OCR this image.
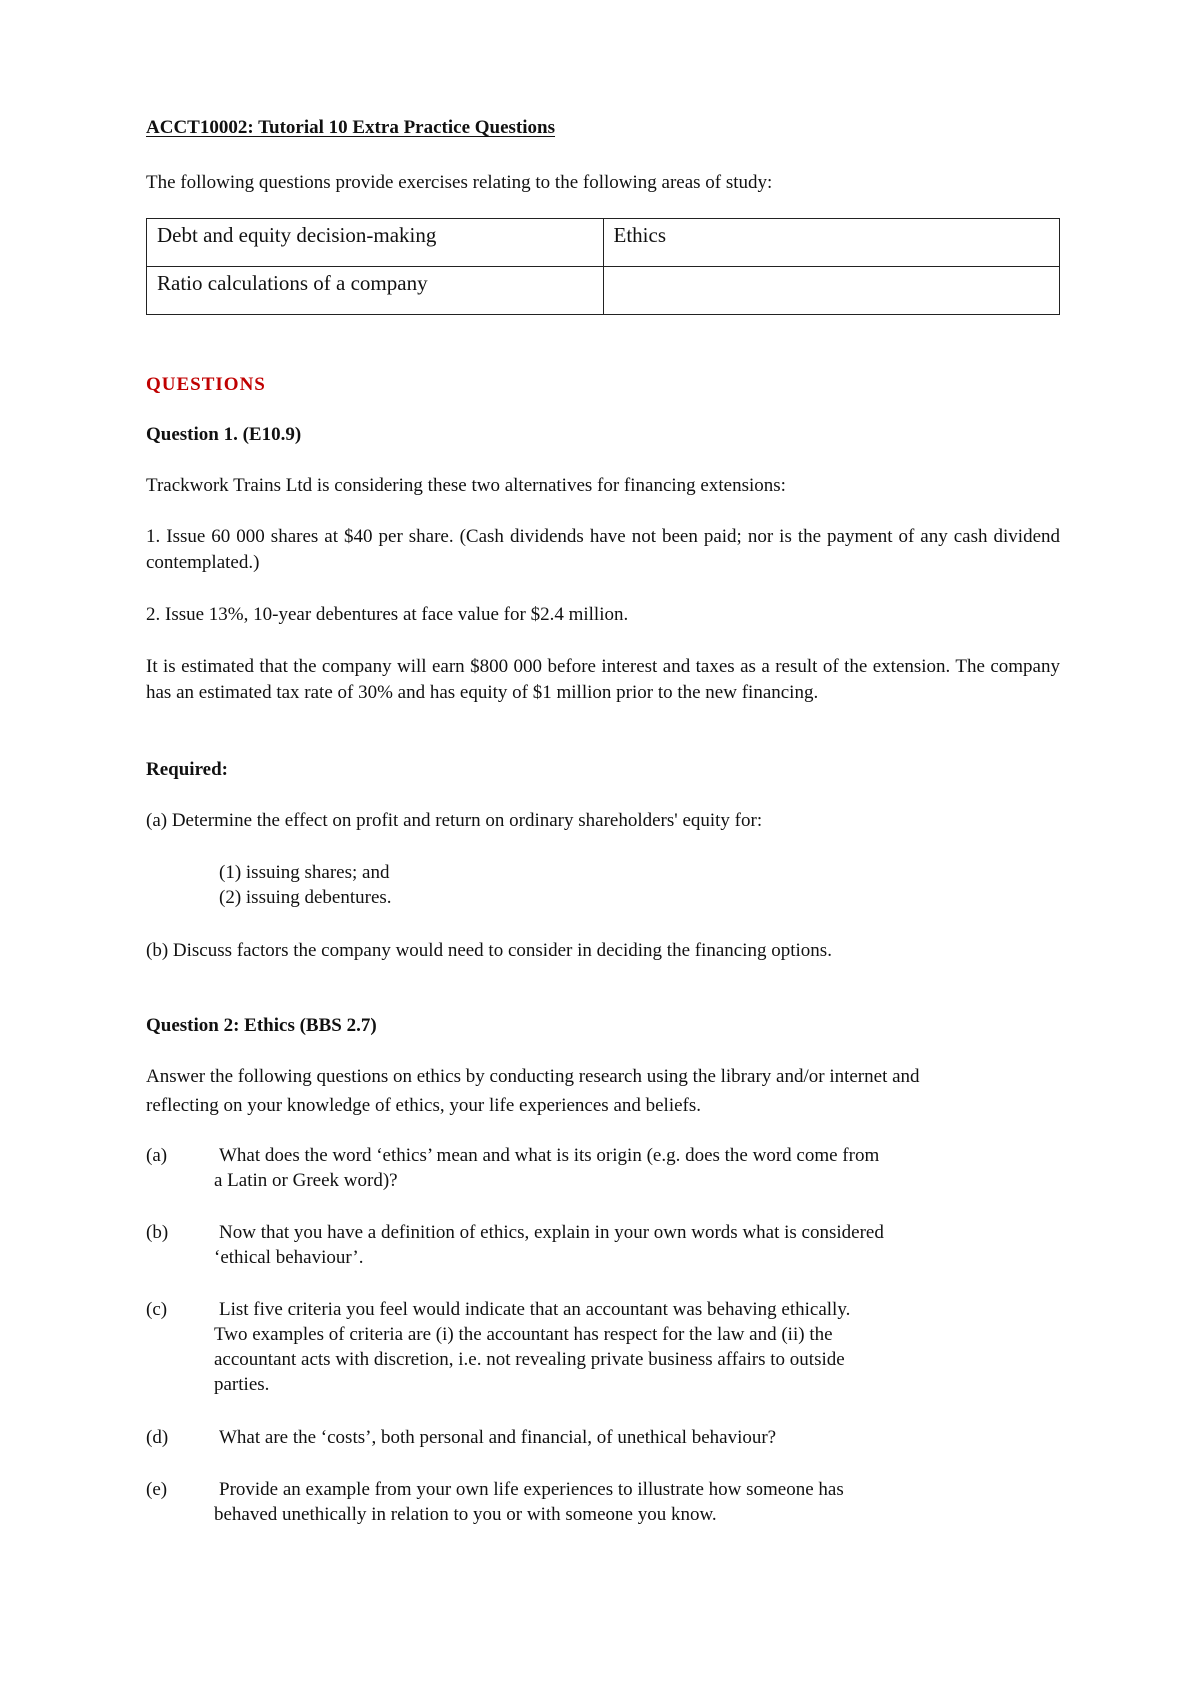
ACCT10002: Tutorial 10 Extra Practice Questions
The following questions provide exercises relating to the following areas of study:
Debt and equity decision-making	Ethics
Ratio calculations of a company	
QUESTIONS
Question 1. (E10.9)
Trackwork Trains Ltd is considering these two alternatives for financing extensions:
1. Issue 60 000 shares at $40 per share. (Cash dividends have not been paid; nor is the payment of any cash dividend contemplated.)
2. Issue 13%, 10-year debentures at face value for $2.4 million.
It is estimated that the company will earn $800 000 before interest and taxes as a result of the extension. The company has an estimated tax rate of 30% and has equity of $1 million prior to the new financing.
Required:
(a) Determine the effect on profit and return on ordinary shareholders' equity for:
(1) issuing shares; and
(2) issuing debentures.
(b) Discuss factors the company would need to consider in deciding the financing options.
Question 2: Ethics (BBS 2.7)
Answer the following questions on ethics by conducting research using the library and/or internet and
reflecting on your knowledge of ethics, your life experiences and beliefs.
(a)	What does the word ‘ethics’ mean and what is its origin (e.g. does the word come from
a Latin or Greek word)?
(b)	Now that you have a definition of ethics, explain in your own words what is considered
‘ethical behaviour’.
(c)	List five criteria you feel would indicate that an accountant was behaving ethically.
Two examples of criteria are (i) the accountant has respect for the law and (ii) the
accountant acts with discretion, i.e. not revealing private business affairs to outside
parties.
(d)	What are the ‘costs’, both personal and financial, of unethical behaviour?
(e)	Provide an example from your own life experiences to illustrate how someone has
behaved unethically in relation to you or with someone you know.
